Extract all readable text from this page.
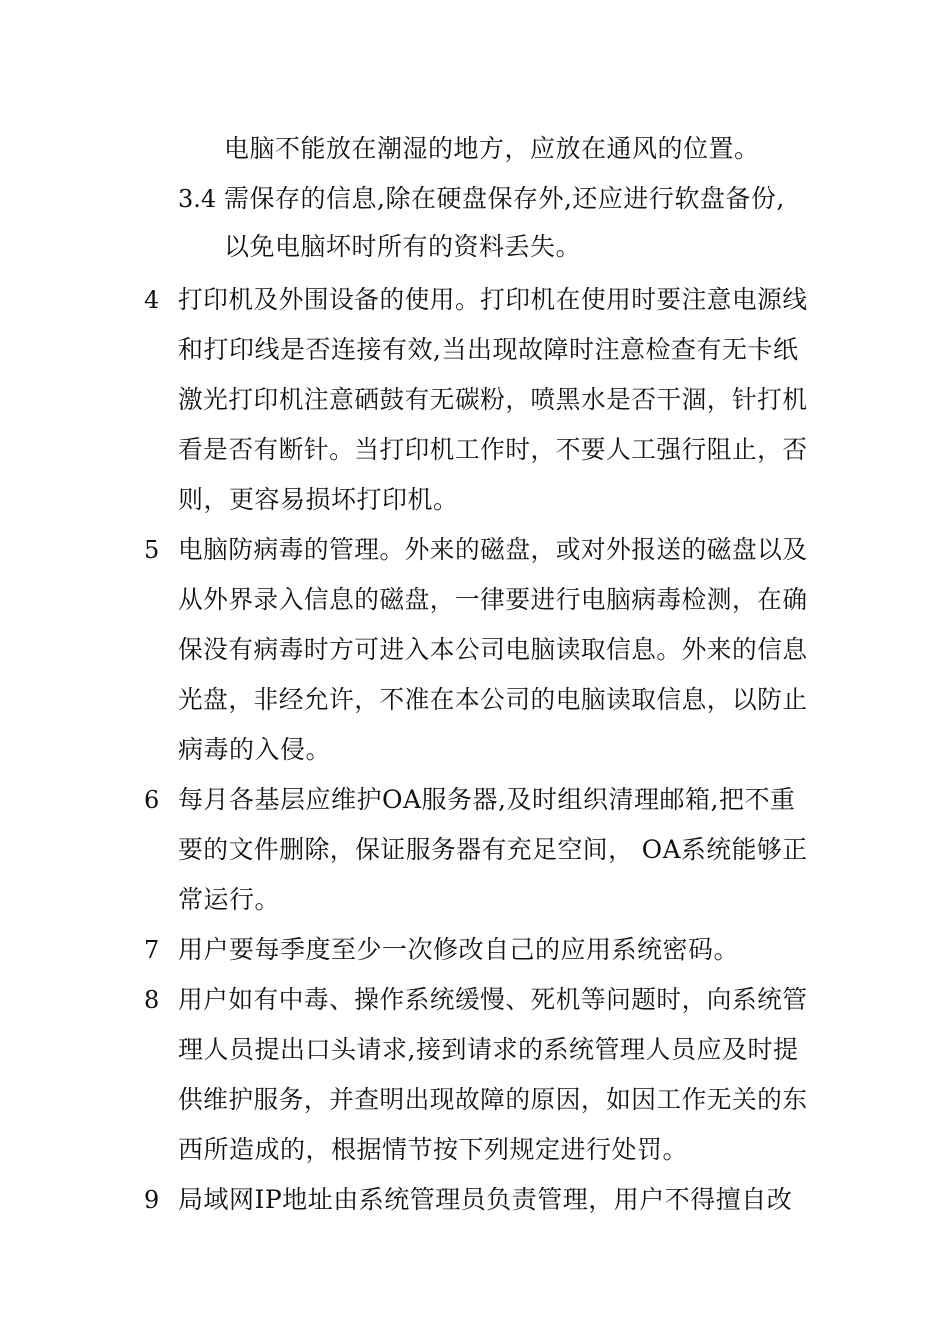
电脑不能放在潮湿的地方，应放在通风的位置。
3.4 需保存的信息,除在硬盘保存外,还应进行软盘备份,
以免电脑坏时所有的资料丢失。
4 打印机及外围设备的使用。打印机在使用时要注意电源线
和打印线是否连接有效,当出现故障时注意检查有无卡纸
激光打印机注意硒鼓有无碳粉，喷黑水是否干涸，针打机
看是否有断针。当打印机工作时，不要人工强行阻止，否
则，更容易损坏打印机。
5 电脑防病毒的管理。外来的磁盘，或对外报送的磁盘以及
从外界录入信息的磁盘，一律要进行电脑病毒检测，在确
保没有病毒时方可进入本公司电脑读取信息。外来的信息
光盘，非经允许，不准在本公司的电脑读取信息，以防止
病毒的入侵。
6 每月各基层应维护OA服务器,及时组织清理邮箱,把不重
要的文件删除，保证服务器有充足空间， OA系统能够正
常运行。
7 用户要每季度至少一次修改自己的应用系统密码。
8 用户如有中毒、操作系统缓慢、死机等问题时，向系统管
理人员提出口头请求,接到请求的系统管理人员应及时提
供维护服务，并查明出现故障的原因，如因工作无关的东
西所造成的，根据情节按下列规定进行处罚。
9 局域网IP地址由系统管理员负责管理，用户不得擅自改
